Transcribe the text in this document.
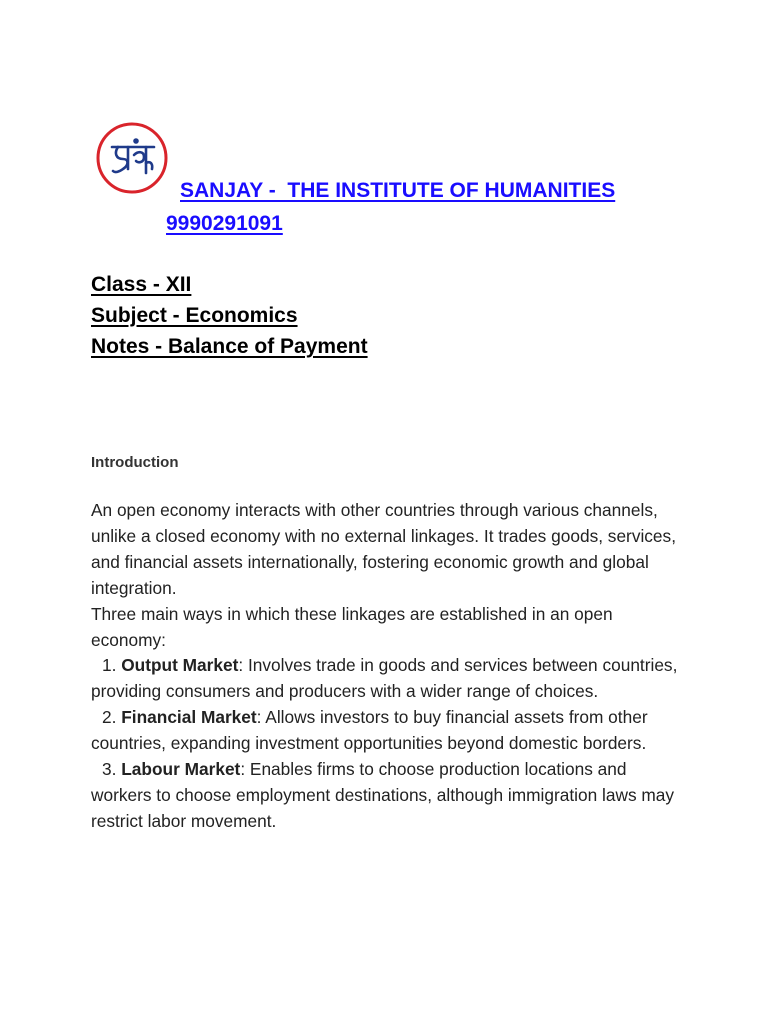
SANJAY -  THE INSTITUTE OF HUMANITIES
9990291091
Class - XII
Subject - Economics
Notes - Balance of Payment
Introduction

An open economy interacts with other countries through various channels, unlike a closed economy with no external linkages. It trades goods, services, and financial assets internationally, fostering economic growth and global integration.

Three main ways in which these linkages are established in an open economy:

1. Output Market: Involves trade in goods and services between countries, providing consumers and producers with a wider range of choices.
2. Financial Market: Allows investors to buy financial assets from other countries, expanding investment opportunities beyond domestic borders.
3. Labour Market: Enables firms to choose production locations and workers to choose employment destinations, although immigration laws may restrict labor movement.
